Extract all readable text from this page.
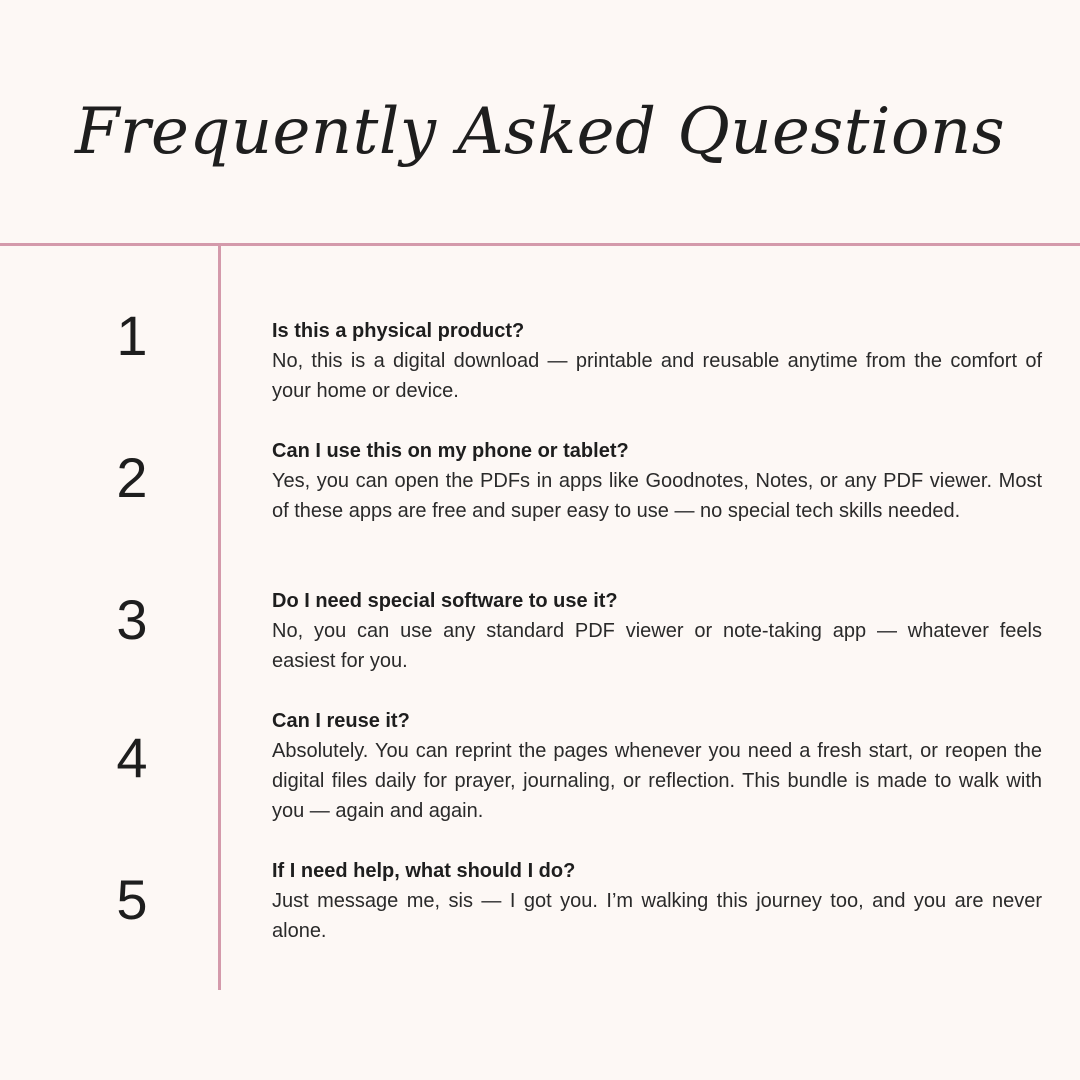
Frequently Asked Questions
1	Is this a physical product?
No, this is a digital download — printable and reusable anytime from the comfort of your home or device.
2	Can I use this on my phone or tablet?
Yes, you can open the PDFs in apps like Goodnotes, Notes, or any PDF viewer. Most of these apps are free and super easy to use — no special tech skills needed.
3	Do I need special software to use it?
No, you can use any standard PDF viewer or note-taking app — whatever feels easiest for you.
4
Can I reuse it?
Absolutely. You can reprint the pages whenever you need a fresh start, or reopen the digital files daily for prayer, journaling, or reflection. This bundle is made to walk with you — again and again.
5	If I need help, what should I do?
Just message me, sis — I got you. I’m walking this journey too, and you are never alone.
